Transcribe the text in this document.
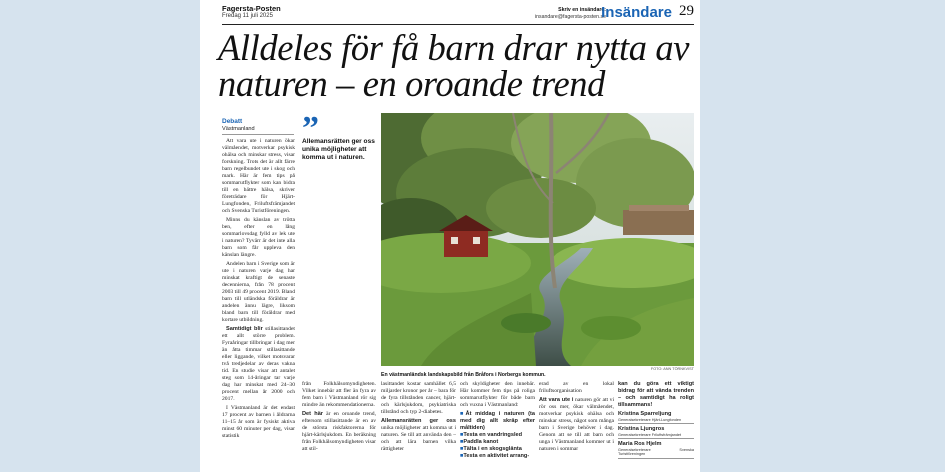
Fagersta-Posten
Fredag 11 juli 2025
Skriv en insändare:
insandare@fagersta-posten.se
Insändare 29
Alldeles för få barn drar nytta av naturen – en oroande trend
Debatt
Västmanland

Att vara ute i naturen ökar välmåendet, motverkar psykisk ohälsa och minskar stress, visar forskning. Trots det är allt färre barn regelbundet ute i skog och mark. Här är fem tips på sommarutflykter som kan bidra till en bättre hälsa, skriver företrädare för Hjärt-Lungfonden, Friluftsfrämjandet och Svenska Turistföreningen.

Minns du känslan av trötta ben, efter en lång sommarlovsdag fylld av lek ute i naturen? Tyvärr är det inte alla barn som får uppleva den känslan längre.

Andelen barn i Sverige som är ute i naturen varje dag har minskat kraftigt de senaste decennierna, från 78 procent 2003 till 49 procent 2019. Bland barn till utländska föräldrar är andelen ännu lägre, liksom bland barn till föräldrar med kortare utbildning.

Samtidigt blir stillasittandet ett allt större problem. Fyraåringar tillbringar i dag mer än åtta timmar stillasittande eller liggande, vilket motsvarar två tredjedelar av deras vakna tid. En studie visar att antalet steg som 14-åringar tar varje dag har minskat med 24–30 procent mellan år 2000 och 2017.

I Västmanland är det endast 17 procent av barnen i åldrarna 11–15 år som är fysiskt aktiva minst 60 minuter per dag, visar statistik

”
Allemansrätten ger oss unika möjligheter att komma ut i naturen.
FOTO: ANN TÖRNKVIST
En västmanländsk landskapsbild från Bråfors i Norbergs kommun.

från Folkhälsomyndigheten. Vilket innebär att fler än fyra av fem barn i Västmanland rör sig mindre än rekommendationerna.

Det här är en oroande trend, eftersom stillasittande är en av de största riskfaktorerna för hjärt-kärlsjukdom. En beräkning från Folkhälsomyndigheten visar att stil-

lasittandet kostar samhället 6,5 miljarder kronor per år – bara för de fyra tillstånden cancer, hjärt- och kärlsjukdom, psykiatriska tillstånd och typ 2-diabetes.

Allemansrätten ger oss unika möjligheter att komma ut i naturen. Se till att använda den – och att lära barnen vilka rättigheter

och skyldigheter den innebär. Här kommer fem tips på roliga sommarutflykter för både barn och vuxna i Västmanland:

■ Åt middag i naturen (ta med dig allt skräp efter måltiden)
■ Testa en vandringsled
■ Paddla kanot
■ Tälta i en skogsglänta
■ Testa en aktivitet arrang-

erad av en lokal friluftsorganisation

Att vara ute i naturen gör att vi rör oss mer, ökar välmåendet, motverkar psykisk ohälsa och minskar stress, något som många barn i Sverige behöver i dag. Genom att se till att barn och unga i Västmanland kommer ut i naturen i sommar

kan du göra ett viktigt bidrag för att vända trenden – och samtidigt ha roligt tillsammans!

Kristina Sparreljung
Generalsekreterare Hjärt-Lungfonden
Kristina Ljungros
Generalsekreterare Friluftsfrämjandet
Maria Ros Hjelm
Generalsekreterare Svenska Turistföreningen
